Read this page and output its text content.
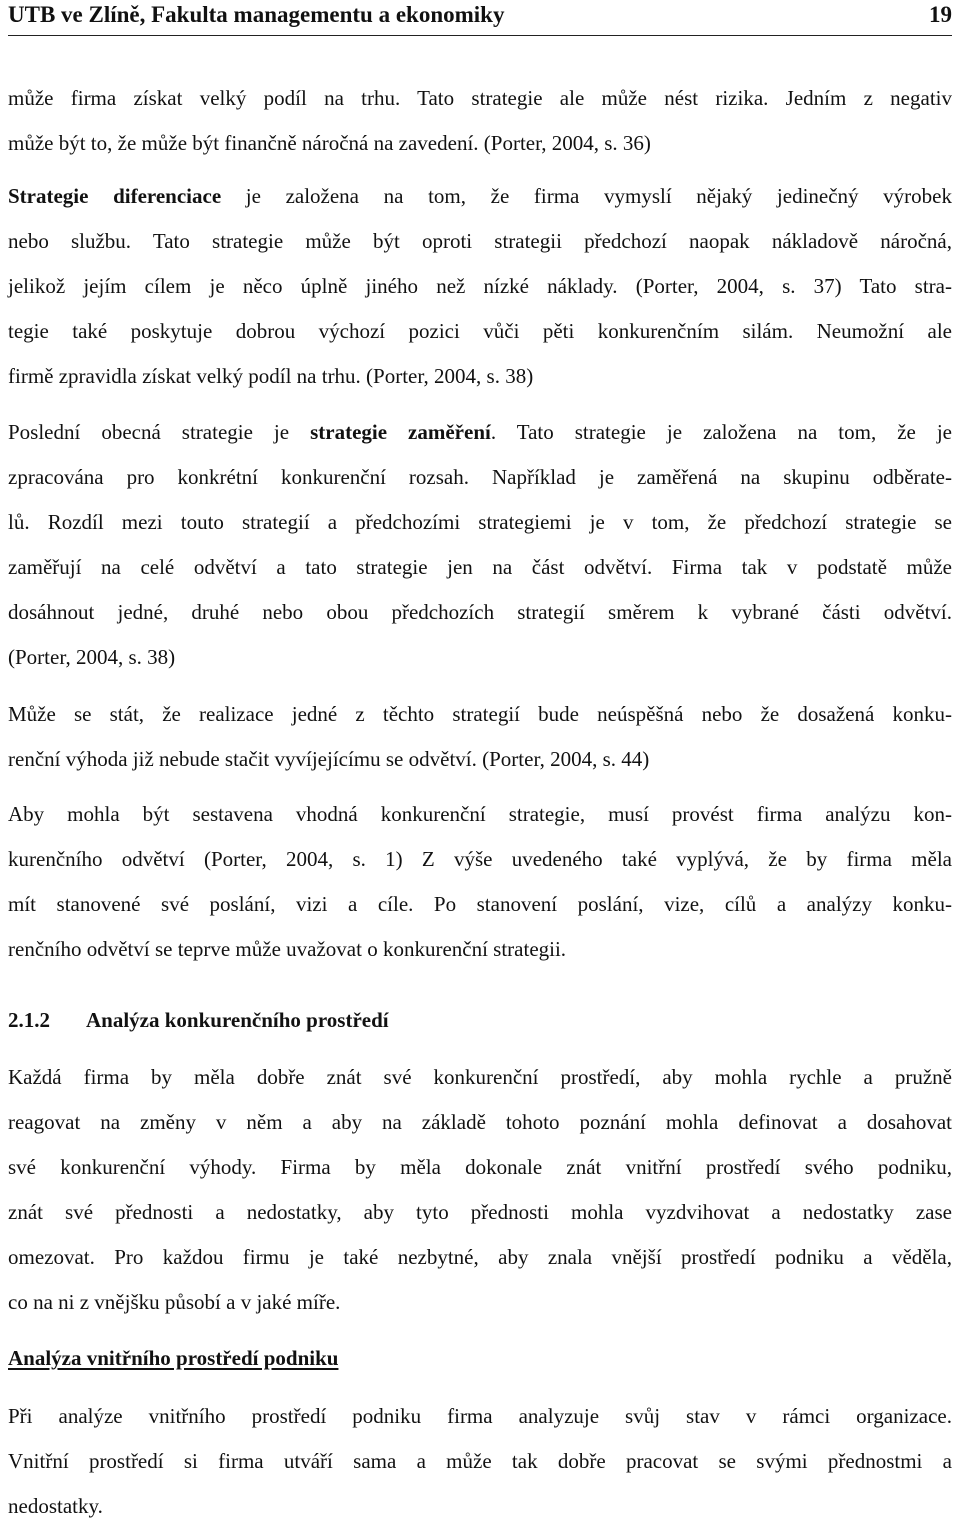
UTB ve Zlíně, Fakulta managementu a ekonomiky	19
může firma získat velký podíl na trhu. Tato strategie ale může nést rizika. Jedním z negativ
může být to, že může být finančně náročná na zavedení. (Porter, 2004, s. 36)
Strategie diferenciace je založena na tom, že firma vymyslí nějaký jedinečný výrobek
nebo službu. Tato strategie může být oproti strategii předchozí naopak nákladově náročná,
jelikož jejím cílem je něco úplně jiného než nízké náklady. (Porter, 2004, s. 37) Tato stra-
tegie také poskytuje dobrou výchozí pozici vůči pěti konkurenčním silám. Neumožní ale
firmě zpravidla získat velký podíl na trhu. (Porter, 2004, s. 38)
Poslední obecná strategie je strategie zaměření. Tato strategie je založena na tom, že je
zpracována pro konkrétní konkurenční rozsah. Například je zaměřená na skupinu odběrate-
lů. Rozdíl mezi touto strategií a předchozími strategiemi je v tom, že předchozí strategie se
zaměřují na celé odvětví a tato strategie jen na část odvětví. Firma tak v podstatě může
dosáhnout jedné, druhé nebo obou předchozích strategií směrem k vybrané části odvětví.
(Porter, 2004, s. 38)
Může se stát, že realizace jedné z těchto strategií bude neúspěšná nebo že dosažená konku-
renční výhoda již nebude stačit vyvíjejícímu se odvětví. (Porter, 2004, s. 44)
Aby mohla být sestavena vhodná konkurenční strategie, musí provést firma analýzu kon-
kurenčního odvětví (Porter, 2004, s. 1) Z výše uvedeného také vyplývá, že by firma měla
mít stanovené své poslání, vizi a cíle. Po stanovení poslání, vize, cílů a analýzy konku-
renčního odvětví se teprve může uvažovat o konkurenční strategii.
2.1.2 Analýza konkurenčního prostředí
Každá firma by měla dobře znát své konkurenční prostředí, aby mohla rychle a pružně
reagovat na změny v něm a aby na základě tohoto poznání mohla definovat a dosahovat
své konkurenční výhody. Firma by měla dokonale znát vnitřní prostředí svého podniku,
znát své přednosti a nedostatky, aby tyto přednosti mohla vyzdvihovat a nedostatky zase
omezovat. Pro každou firmu je také nezbytné, aby znala vnější prostředí podniku a věděla,
co na ni z vnějšku působí a v jaké míře.
Analýza vnitřního prostředí podniku
Při analýze vnitřního prostředí podniku firma analyzuje svůj stav v rámci organizace.
Vnitřní prostředí si firma utváří sama a může tak dobře pracovat se svými přednostmi a
nedostatky.
